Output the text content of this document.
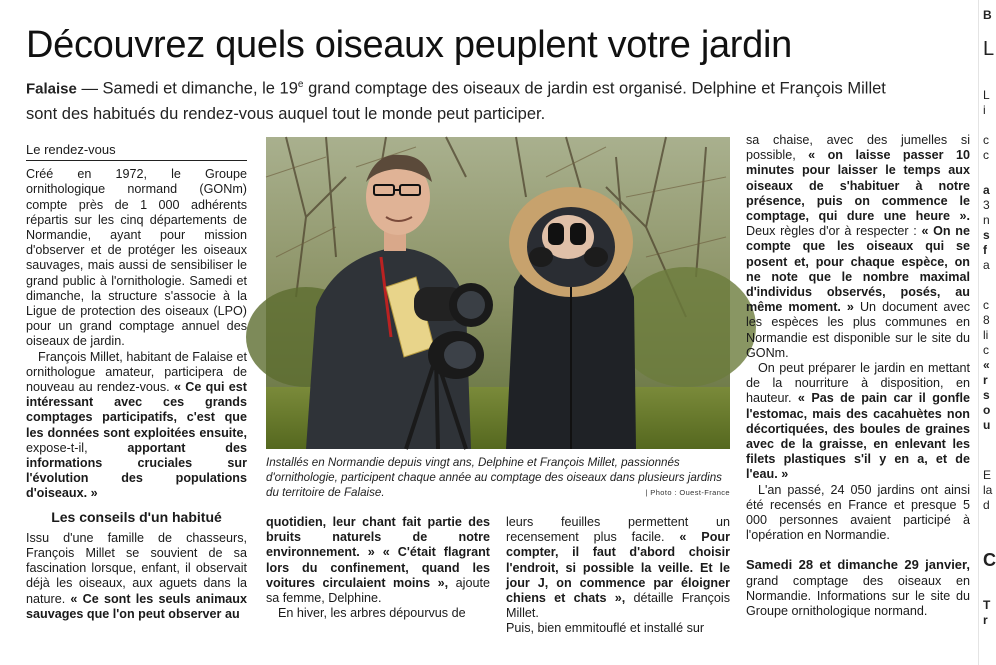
Découvrez quels oiseaux peuplent votre jardin
Falaise — Samedi et dimanche, le 19e grand comptage des oiseaux de jardin est organisé. Delphine et François Millet sont des habitués du rendez-vous auquel tout le monde peut participer.
Le rendez-vous

Créé en 1972, le Groupe ornithologique normand (GONm) compte près de 1 000 adhérents répartis sur les cinq départements de Normandie, ayant pour mission d'observer et de protéger les oiseaux sauvages, mais aussi de sensibiliser le grand public à l'ornithologie. Samedi et dimanche, la structure s'associe à la Ligue de protection des oiseaux (LPO) pour un grand comptage annuel des oiseaux de jardin.

François Millet, habitant de Falaise et ornithologue amateur, participera de nouveau au rendez-vous. « Ce qui est intéressant avec ces grands comptages participatifs, c'est que les données sont exploitées ensuite, expose-t-il, apportant des informations cruciales sur l'évolution des populations d'oiseaux. »

Les conseils d'un habitué

Issu d'une famille de chasseurs, François Millet se souvient de sa fascination lorsque, enfant, il observait déjà les oiseaux, aux aguets dans la nature. « Ce sont les seuls animaux sauvages que l'on peut observer au

Installés en Normandie depuis vingt ans, Delphine et François Millet, passionnés d'ornithologie, participent chaque année au comptage des oiseaux dans plusieurs jardins du territoire de Falaise.	| Photo : Ouest-France

quotidien, leur chant fait partie des bruits naturels de notre environnement. » « C'était flagrant lors du confinement, quand les voitures circulaient moins », ajoute sa femme, Delphine.

En hiver, les arbres dépourvus de

leurs feuilles permettent un recensement plus facile. « Pour compter, il faut d'abord choisir l'endroit, si possible la veille. Et le jour J, on commence par éloigner chiens et chats », détaille François Millet.

Puis, bien emmitouflé et installé sur

sa chaise, avec des jumelles si possible, « on laisse passer 10 minutes pour laisser le temps aux oiseaux de s'habituer à notre présence, puis on commence le comptage, qui dure une heure ». Deux règles d'or à respecter : « On ne compte que les oiseaux qui se posent et, pour chaque espèce, on ne note que le nombre maximal d'individus observés, posés, au même moment. » Un document avec les espèces les plus communes en Normandie est disponible sur le site du GONm.

On peut préparer le jardin en mettant de la nourriture à disposition, en hauteur. « Pas de pain car il gonfle l'estomac, mais des cacahuètes non décortiquées, des boules de graines avec de la graisse, en enlevant les filets plastiques s'il y en a, et de l'eau. »

L'an passé, 24 050 jardins ont ainsi été recensés en France et presque 5 000 personnes avaient participé à l'opération en Normandie.

Samedi 28 et dimanche 29 janvier, grand comptage des oiseaux en Normandie. Informations sur le site du Groupe ornithologique normand.

B
L
L
i
c
c
a
3
n
s
f
a
c
8
li
c
«
r
s
o
u
E
la
d
C
T
r
